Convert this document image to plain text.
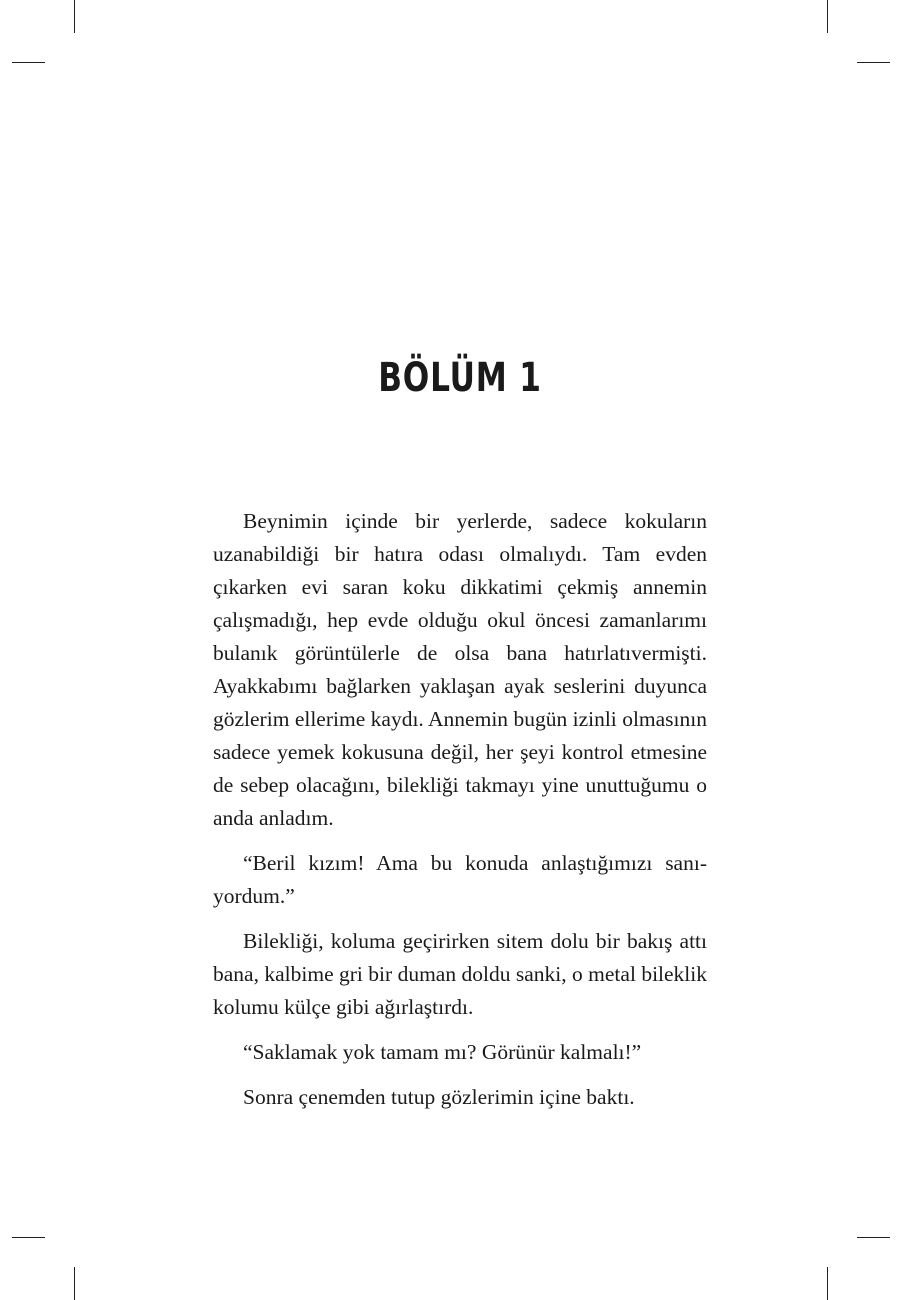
BÖLÜM 1

Beynimin içinde bir yerlerde, sadece kokuların uzanabildiği bir hatıra odası olmalıydı. Tam evden çıkarken evi saran koku dikkatimi çekmiş annemin çalışmadığı, hep evde olduğu okul öncesi zamanlarımı bulanık görüntülerle de olsa bana hatırlatıvermişti. Ayakkabımı bağlarken yaklaşan ayak seslerini duyunca gözlerim ellerime kaydı. Annemin bugün izinli olmasının sadece yemek kokusuna değil, her şeyi kontrol etmesine de sebep olacağını, bilekliği takmayı yine unuttuğumu o anda anladım.

“Beril kızım! Ama bu konuda anlaştığımızı sanıyordum.”

Bilekliği, koluma geçirirken sitem dolu bir bakış attı bana, kalbime gri bir duman doldu sanki, o metal bileklik kolumu külçe gibi ağırlaştırdı.

“Saklamak yok tamam mı? Görünür kalmalı!”

Sonra çenemden tutup gözlerimin içine baktı.
